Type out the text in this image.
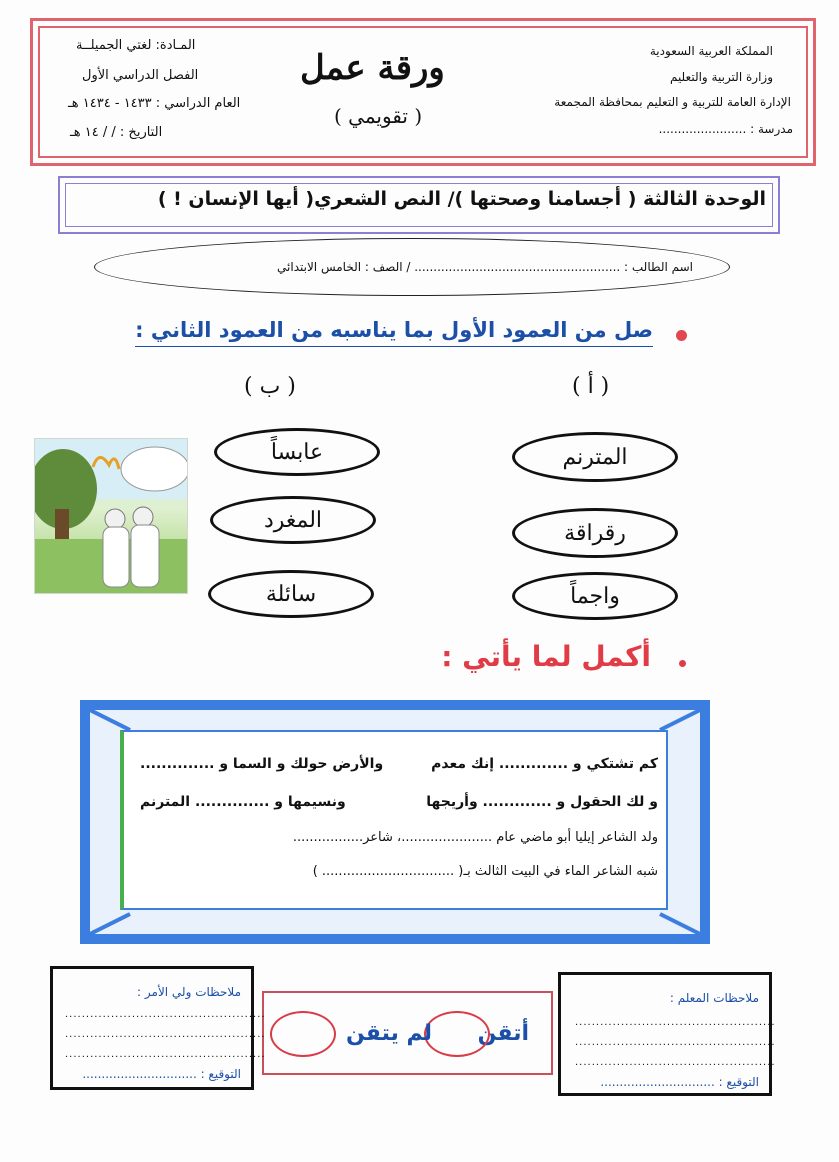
المملكة العربية السعودية
وزارة التربية والتعليم
الإدارة العامة للتربية و التعليم بمحافظة المجمعة
مدرسة : .......................
ورقة عمل
( تقويمي )
المـادة: لغتي الجميلــة
الفصل الدراسي الأول
العام الدراسي : ١٤٣٣ - ١٤٣٤ هـ
التاريخ : / / ١٤ هـ
الوحدة الثالثة ( أجسامنا وصحتها )/ النص الشعري( أيها الإنسان ! )
اسم الطالب : ...................................................... / الصف : الخامس الابتدائي
صل من العمود الأول بما يناسبه من العمود الثاني :
( أ )
( ب )
المترنم
رقراقة
واجماً
عابساً
المغرد
سائلة
أكمل لما يأتي :
كم تشتكي و ............. إنك معدم
والأرض حولك و السما و ..............
و لك الحقول و ............. وأريجها
ونسيمها و .............. المترنم
ولد الشاعر إيليا أبو ماضي عام ......................، شاعر.................
شبه الشاعر الماء في البيت الثالث بـ( ................................ )
ملاحظات المعلم :
................................................
................................................
................................................
التوقيع : ..............................
أتقن
لم يتقن
ملاحظات ولي الأمر :
................................................
................................................
................................................
التوقيع : ..............................
